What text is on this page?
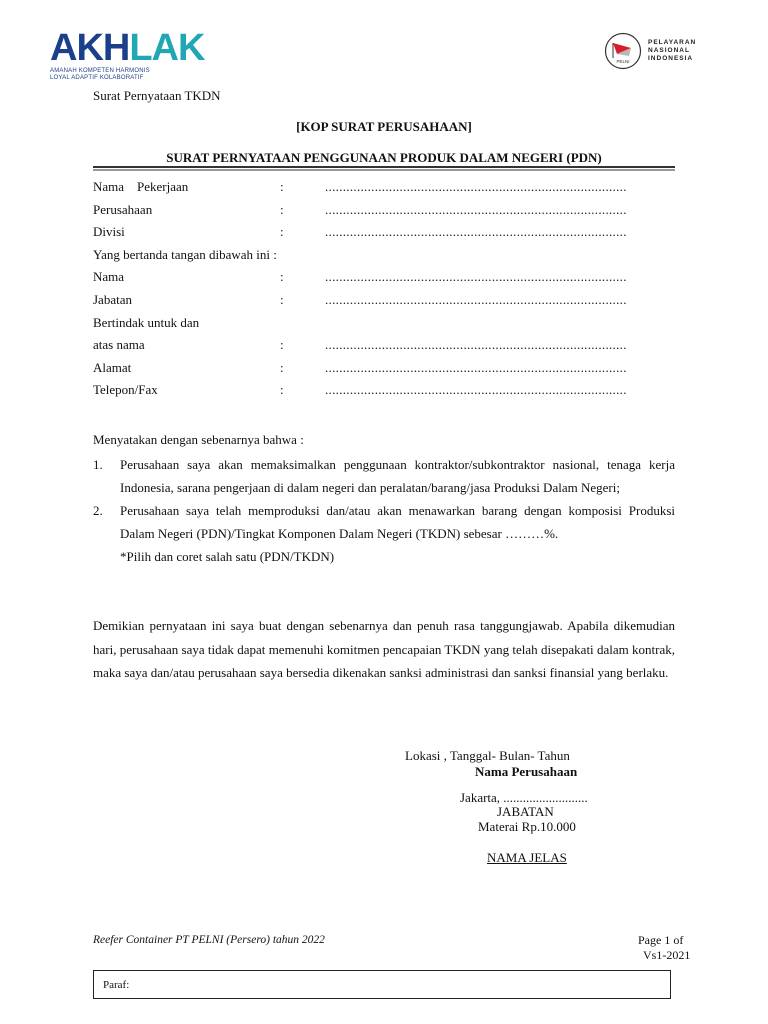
AKHLAK
AMANAH KOMPETEN HARMONIS
LOYAL ADAPTIF KOLABORATIF
PELNI
PELAYARAN
NASIONAL
INDONESIA
Surat Pernyataan TKDN
[KOP SURAT PERUSAHAAN]
SURAT PERNYATAAN PENGGUNAAN PRODUK DALAM NEGERI (PDN)
Nama    Pekerjaan	:	.....................................................................................
Perusahaan	:	.....................................................................................
Divisi	:	.....................................................................................
Yang bertanda tangan dibawah ini :
Nama	:	.....................................................................................
Jabatan	:	.....................................................................................
Bertindak untuk dan
atas nama	:	.....................................................................................
Alamat	:	.....................................................................................
Telepon/Fax	:	.....................................................................................
Menyatakan dengan sebenarnya bahwa :
1. Perusahaan saya akan memaksimalkan penggunaan kontraktor/subkontraktor nasional, tenaga kerja Indonesia, sarana pengerjaan di dalam negeri dan peralatan/barang/jasa Produksi Dalam Negeri;
2. Perusahaan saya telah memproduksi dan/atau akan menawarkan barang dengan komposisi Produksi Dalam Negeri (PDN)/Tingkat Komponen Dalam Negeri (TKDN) sebesar ………%.
*Pilih dan coret salah satu (PDN/TKDN)
Demikian pernyataan ini saya buat dengan sebenarnya dan penuh rasa tanggungjawab. Apabila dikemudian hari, perusahaan saya tidak dapat memenuhi komitmen pencapaian TKDN yang telah disepakati dalam kontrak, maka saya dan/atau perusahaan saya bersedia dikenakan sanksi administrasi dan sanksi finansial yang berlaku.
Lokasi , Tanggal- Bulan- Tahun
Nama Perusahaan
Jakarta, ..........................
JABATAN
Materai Rp.10.000
NAMA JELAS
Reefer Container PT PELNI (Persero) tahun 2022	Page 1 of
Vs1-2021
Paraf:
